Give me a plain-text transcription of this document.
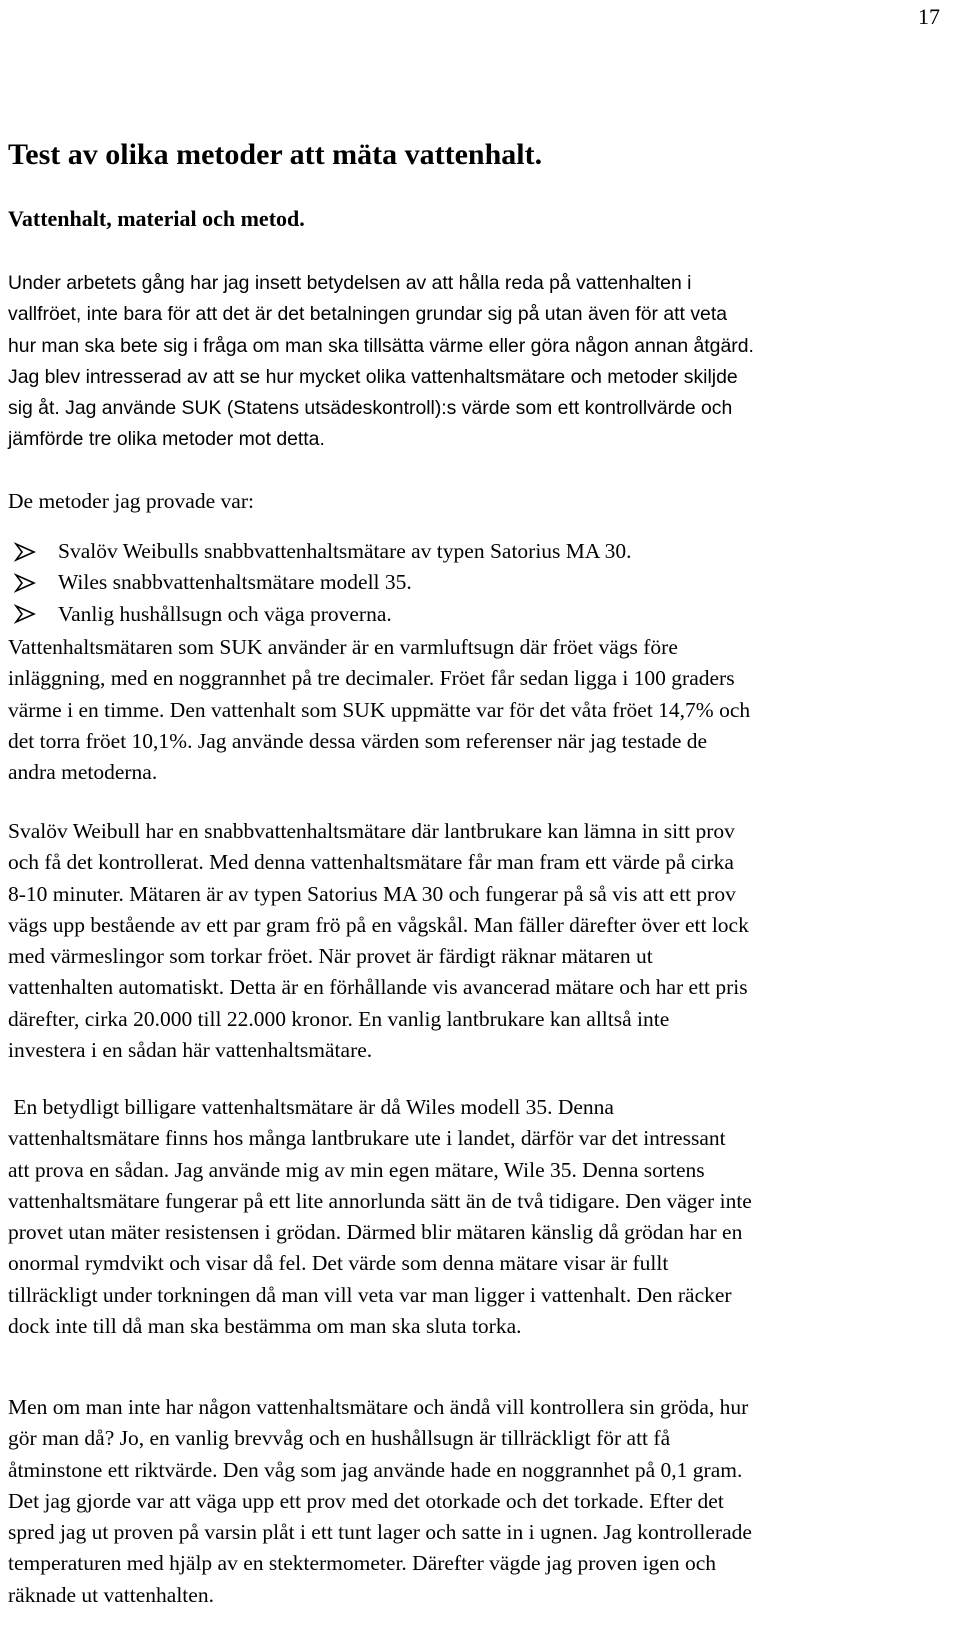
17
Test av olika metoder att mäta vattenhalt.
Vattenhalt, material och metod.
Under arbetets gång har jag insett betydelsen av att hålla reda på vattenhalten i
vallfröet, inte bara för att det är det betalningen grundar sig på utan även för att veta
hur man ska bete sig i fråga om man ska tillsätta värme eller göra någon annan åtgärd.
Jag blev intresserad av att se hur mycket olika vattenhaltsmätare och metoder skiljde
sig åt. Jag använde SUK (Statens utsädeskontroll):s värde som ett kontrollvärde och
jämförde tre olika metoder mot detta.
De metoder jag provade var:
Svalöv Weibulls snabbvattenhaltsmätare av typen Satorius MA 30.
Wiles snabbvattenhaltsmätare modell 35.
Vanlig hushållsugn och väga proverna.
Vattenhaltsmätaren som SUK använder är en varmluftsugn där fröet vägs före
inläggning, med en noggrannhet på tre decimaler. Fröet får sedan ligga i 100 graders
värme i en timme. Den vattenhalt som SUK uppmätte var för det våta fröet 14,7% och
det torra fröet 10,1%. Jag använde dessa värden som referenser när jag testade de
andra metoderna.
Svalöv Weibull har en snabbvattenhaltsmätare där lantbrukare kan lämna in sitt prov
och få det kontrollerat. Med denna vattenhaltsmätare får man fram ett värde på cirka
8-10 minuter. Mätaren är av typen Satorius MA 30 och fungerar på så vis att ett prov
vägs upp bestående av ett par gram frö på en vågskål. Man fäller därefter över ett lock
med värmeslingor som torkar fröet. När provet är färdigt räknar mätaren ut
vattenhalten automatiskt. Detta är en förhållande vis avancerad mätare och har ett pris
därefter, cirka 20.000 till 22.000 kronor. En vanlig lantbrukare kan alltså inte
investera i en sådan här vattenhaltsmätare.
En betydligt billigare vattenhaltsmätare är då Wiles modell 35. Denna
vattenhaltsmätare finns hos många lantbrukare ute i landet, därför var det intressant
att prova en sådan. Jag använde mig av min egen mätare, Wile 35. Denna sortens
vattenhaltsmätare fungerar på ett lite annorlunda sätt än de två tidigare. Den väger inte
provet utan mäter resistensen i grödan. Därmed blir mätaren känslig då grödan har en
onormal rymdvikt och visar då fel. Det värde som denna mätare visar är fullt
tillräckligt under torkningen då man vill veta var man ligger i vattenhalt. Den räcker
dock inte till då man ska bestämma om man ska sluta torka.
Men om man inte har någon vattenhaltsmätare och ändå vill kontrollera sin gröda, hur
gör man då? Jo, en vanlig brevvåg och en hushållsugn är tillräckligt för att få
åtminstone ett riktvärde. Den våg som jag använde hade en noggrannhet på 0,1 gram.
Det jag gjorde var att väga upp ett prov med det otorkade och det torkade. Efter det
spred jag ut proven på varsin plåt i ett tunt lager och satte in i ugnen. Jag kontrollerade
temperaturen med hjälp av en stektermometer. Därefter vägde jag proven igen och
räknade ut vattenhalten.
